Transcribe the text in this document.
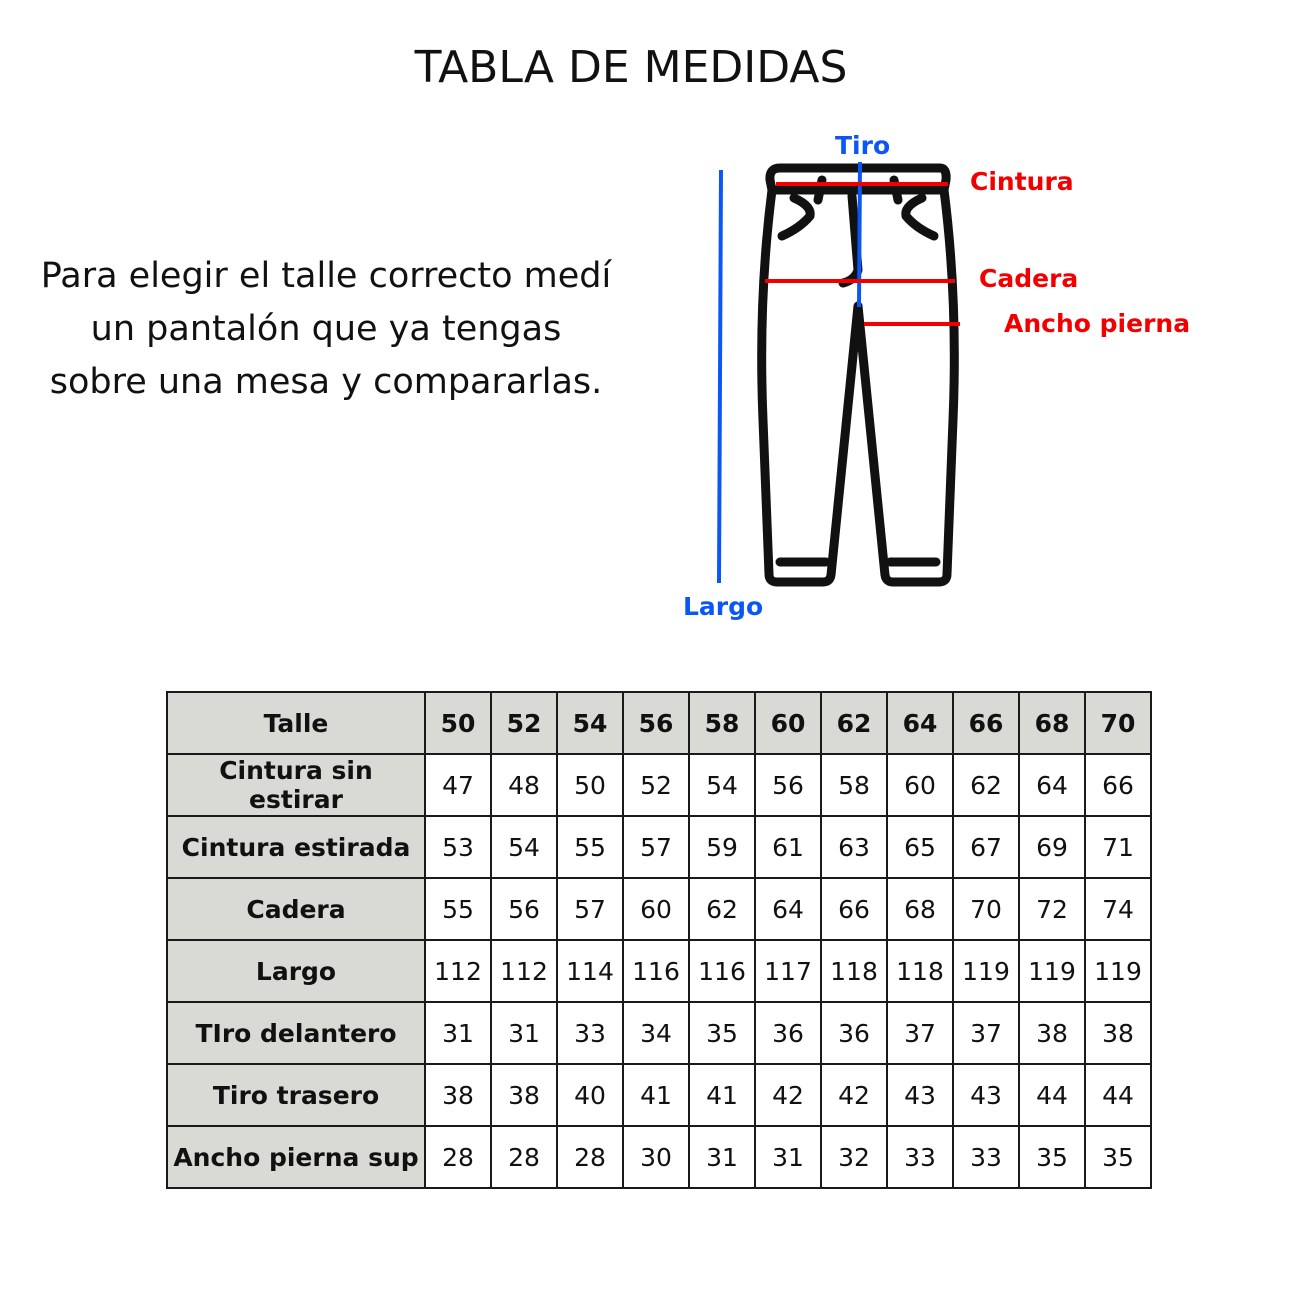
TABLA DE MEDIDAS
Para elegir el talle correcto medí
un pantalón que ya tengas
sobre una mesa y compararlas.
Tiro
Cintura
Cadera
Ancho pierna
Largo
Talle	50	52	54	56	58	60	62	64	66	68	70
Cintura sin estirar	47	48	50	52	54	56	58	60	62	64	66
Cintura estirada	53	54	55	57	59	61	63	65	67	69	71
Cadera	55	56	57	60	62	64	66	68	70	72	74
Largo	112	112	114	116	116	117	118	118	119	119	119
TIro delantero	31	31	33	34	35	36	36	37	37	38	38
Tiro trasero	38	38	40	41	41	42	42	43	43	44	44
Ancho pierna sup	28	28	28	30	31	31	32	33	33	35	35
